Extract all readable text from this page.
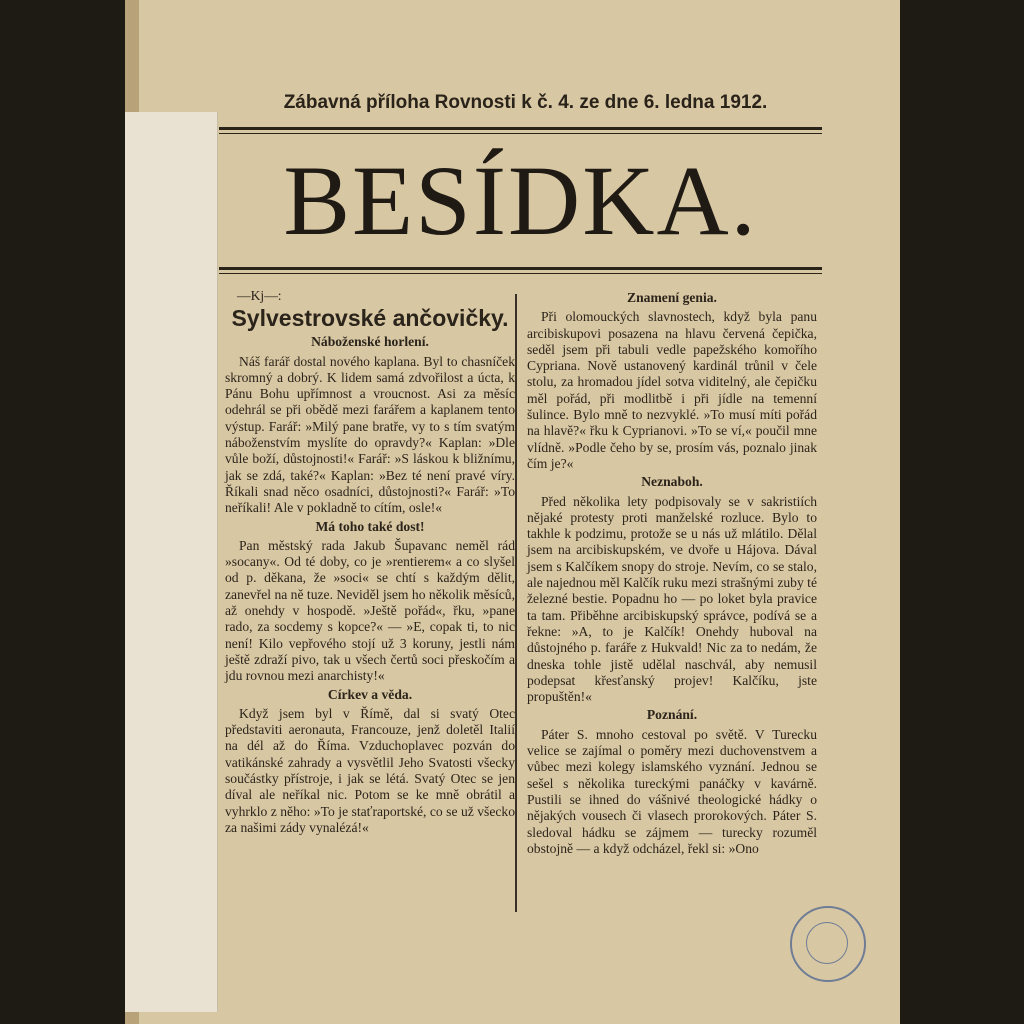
Zábavná příloha Rovnosti k č. 4. ze dne 6. ledna 1912.
BESÍDKA.

—Kj—:

Sylvestrovské ančovičky.
Náboženské horlení.

Náš farář dostal nového kaplana. Byl to chasníček skromný a dobrý. K lidem samá zdvořilost a úcta, k Pánu Bohu upřímnost a vroucnost. Asi za měsíc odehrál se při obědě mezi farářem a kaplanem tento výstup. Farář: »Milý pane bratře, vy to s tím svatým náboženstvím myslíte do opravdy?« Kaplan: »Dle vůle boží, důstojnosti!« Farář: »S láskou k bližnímu, jak se zdá, také?« Kaplan: »Bez té není pravé víry. Říkali snad něco osadníci, důstojnosti?« Farář: »To neříkali! Ale v pokladně to cítím, osle!«

Má toho také dost!

Pan městský rada Jakub Šupavanc neměl rád »socany«. Od té doby, co je »rentierem« a co slyšel od p. děkana, že »soci« se chtí s každým dělit, zanevřel na ně tuze. Neviděl jsem ho několik měsíců, až onehdy v hospodě. »Ještě pořád«, řku, »pane rado, za socdemy s kopce?« — »E, copak ti, to nic není! Kilo vepřového stojí už 3 koruny, jestli nám ještě zdraží pivo, tak u všech čertů soci přeskočím a jdu rovnou mezi anarchisty!«

Církev a věda.

Když jsem byl v Římě, dal si svatý Otec představiti aeronauta, Francouze, jenž doletěl Italií na dél až do Říma. Vzduchoplavec pozván do vatikánské zahrady a vysvětlil Jeho Svatosti všecky součástky přístroje, i jak se létá. Svatý Otec se jen díval ale neříkal nic. Potom se ke mně obrátil a vyhrklo z něho: »To je staťraportské, co se už všecko za našimi zády vynalézá!«

Znamení genia.

Při olomouckých slavnostech, když byla panu arcibiskupovi posazena na hlavu červená čepička, seděl jsem při tabuli vedle papežského komořího Cypriana. Nově ustanovený kardinál trůnil v čele stolu, za hromadou jídel sotva viditelný, ale čepičku měl pořád, při modlitbě i při jídle na temenní šulince. Bylo mně to nezvyklé. »To musí míti pořád na hlavě?« řku k Cyprianovi. »To se ví,« poučil mne vlídně. »Podle čeho by se, prosím vás, poznalo jinak čím je?«

Neznaboh.

Před několika lety podpisovaly se v sakristiích nějaké protesty proti manželské rozluce. Bylo to takhle k podzimu, protože se u nás už mlátilo. Dělal jsem na arcibiskupském, ve dvoře u Hájova. Dával jsem s Kalčíkem snopy do stroje. Nevím, co se stalo, ale najednou měl Kalčík ruku mezi strašnými zuby té železné bestie. Popadnu ho — po loket byla pravice ta tam. Přiběhne arcibiskupský správce, podívá se a řekne: »A, to je Kalčík! Onehdy huboval na důstojného p. faráře z Hukvald! Nic za to nedám, že dneska tohle jistě udělal naschvál, aby nemusil podepsat křesťanský projev! Kalčíku, jste propuštěn!«

Poznání.

Páter S. mnoho cestoval po světě. V Turecku velice se zajímal o poměry mezi duchovenstvem a vůbec mezi kolegy islamského vyznání. Jednou se sešel s několika tureckými panáčky v kavárně. Pustili se ihned do vášnivé theologické hádky o nějakých vousech či vlasech prorokových. Páter S. sledoval hádku se zájmem — turecky rozuměl obstojně — a když odcházel, řekl si: »Ono
